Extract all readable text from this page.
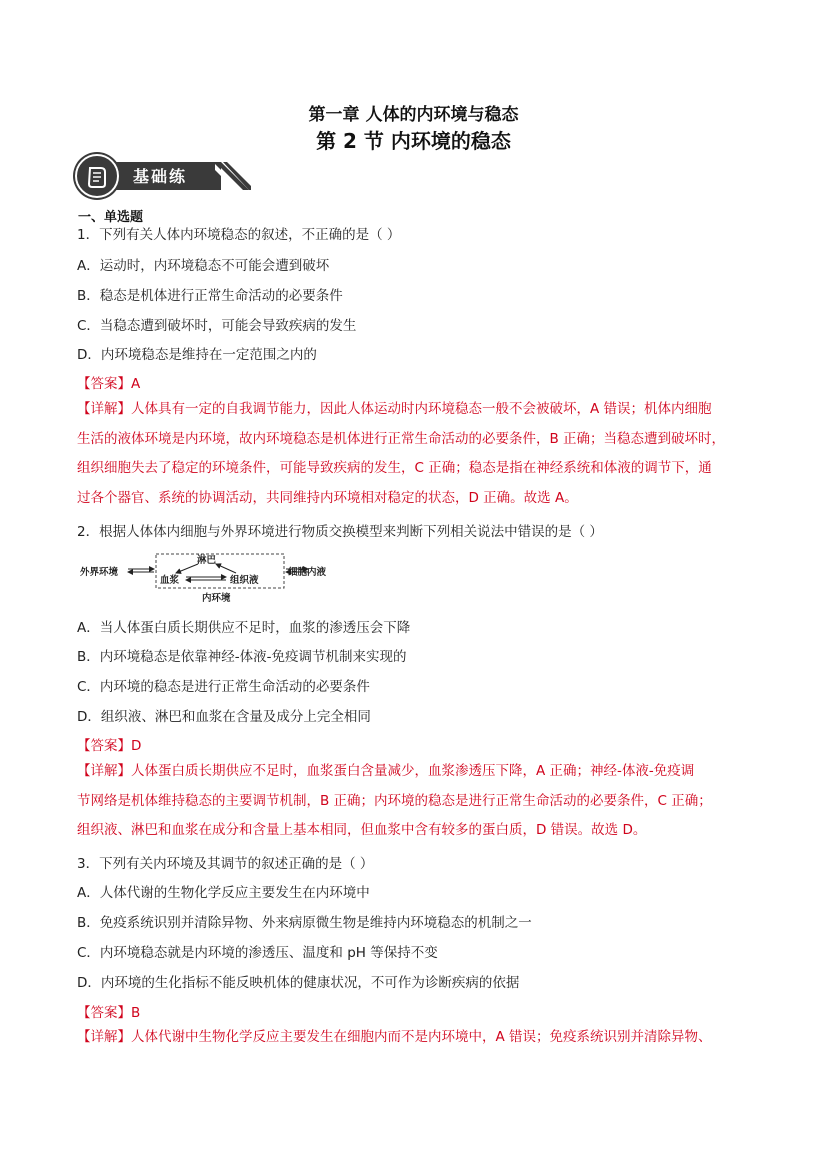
第一章 人体的内环境与稳态
第 2 节 内环境的稳态
基础练
一、单选题
1．下列有关人体内环境稳态的叙述，不正确的是（ ）
A．运动时，内环境稳态不可能会遭到破坏
B．稳态是机体进行正常生命活动的必要条件
C．当稳态遭到破坏时，可能会导致疾病的发生
D．内环境稳态是维持在一定范围之内的
【答案】A

【详解】人体具有一定的自我调节能力，因此人体运动时内环境稳态一般不会被破坏，A 错误；机体内细胞

生活的液体环境是内环境，故内环境稳态是机体进行正常生命活动的必要条件，B 正确；当稳态遭到破坏时，

组织细胞失去了稳定的环境条件，可能导致疾病的发生，C 正确；稳态是指在神经系统和体液的调节下，通

过各个器官、系统的协调活动，共同维持内环境相对稳定的状态，D 正确。故选 A。

2．根据人体体内细胞与外界环境进行物质交换模型来判断下列相关说法中错误的是（ ）
外界环境
淋巴
血浆	组织液
内环境
细胞内液
A．当人体蛋白质长期供应不足时，血浆的渗透压会下降
B．内环境稳态是依靠神经-体液-免疫调节机制来实现的
C．内环境的稳态是进行正常生命活动的必要条件
D．组织液、淋巴和血浆在含量及成分上完全相同
【答案】D

【详解】人体蛋白质长期供应不足时，血浆蛋白含量减少，血浆渗透压下降，A 正确；神经-体液-免疫调

节网络是机体维持稳态的主要调节机制，B 正确；内环境的稳态是进行正常生命活动的必要条件，C 正确；

组织液、淋巴和血浆在成分和含量上基本相同，但血浆中含有较多的蛋白质，D 错误。故选 D。

3．下列有关内环境及其调节的叙述正确的是（ ）
A．人体代谢的生物化学反应主要发生在内环境中
B．免疫系统识别并清除异物、外来病原微生物是维持内环境稳态的机制之一
C．内环境稳态就是内环境的渗透压、温度和 pH 等保持不变
D．内环境的生化指标不能反映机体的健康状况，不可作为诊断疾病的依据
【答案】B

【详解】人体代谢中生物化学反应主要发生在细胞内而不是内环境中，A 错误；免疫系统识别并清除异物、
